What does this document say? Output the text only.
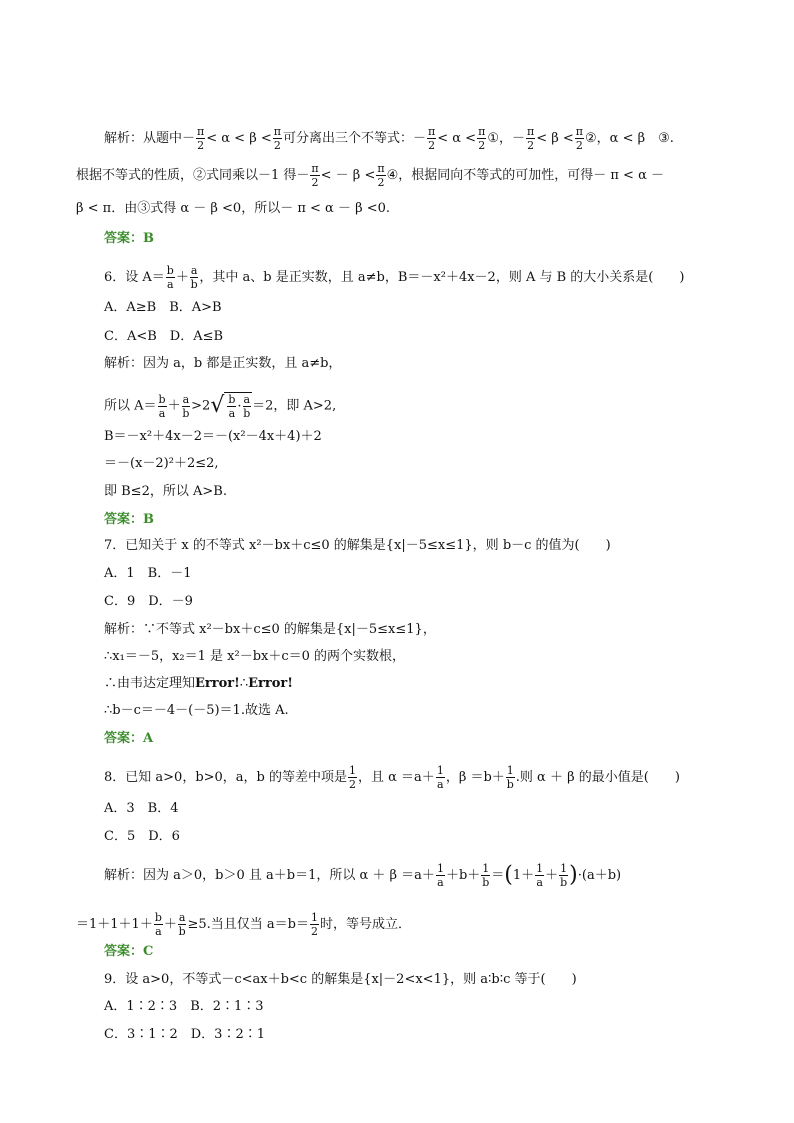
解析：从题中－ $\frac{\pi}{2} < \alpha < \beta < \frac{\pi}{2}$ 可分离出三个不等式：－ $\frac{\pi}{2} < \alpha < \frac{\pi}{2}$ ①，－ $\frac{\pi}{2} < \beta < \frac{\pi}{2}$ ②，α < β　③.
根据不等式的性质，②式同乘以－1 得－ $\frac{\pi}{2}$ < － $\beta < \frac{\pi}{2}$ ④，根据同向不等式的可加性，可得－ π < α －
β < π．由③式得 α － β <0，所以－ π < α － β <0.
答案：B
6．设 $A= \frac{b}{a} + \frac{a}{b}$ ，其中 a、b 是正实数，且 a≠b，B＝－x²＋4x－2，则 A 与 B 的大小关系是(　　)
A．A≥B　B．A>B
C．A<B　D．A≤B
解析：因为 a，b 都是正实数，且 a≠b，
所以 $A= \frac{b}{a} + \frac{a}{b} >2√ \frac{b}{a} \cdot \frac{a}{b} =2$，即 A>2,
B＝－x²＋4x－2＝－(x²－4x＋4)＋2
＝－(x－2)²＋2≤2,
即 B≤2，所以 A>B.
答案：B
7．已知关于 x 的不等式 x²－bx＋c≤0 的解集是{x|－5≤x≤1}，则 b－c 的值为(　　)
A．1　B．－1
C．9　D．－9
解析：∵不等式 x²－bx＋c≤0 的解集是{x|－5≤x≤1}，
∴x₁＝－5，x₂＝1 是 x²－bx＋c＝0 的两个实数根，
∴由韦达定理知Error!∴Error!
∴b－c＝－4－(－5)＝1.故选 A.
答案：A
8．已知 a>0，b>0，a，b 的等差中项是 $\frac{1}{2}$ ，且 $\alpha =a+ \frac{1}{a}$ ，$\beta =b+ \frac{1}{b}$ .则 α ＋ β 的最小值是(　　)
A．3　B．4
C．5　D．6
解析：因为 a＞0，b＞0 且 a＋b＝1，所以 $\alpha + \beta =a+ \frac{1}{a} +b+ \frac{1}{b} =(1+ \frac{1}{a} + \frac{1}{b} )\cdot(a+b)$
$=1+1+1+ \frac{b}{a} + \frac{a}{b} \ge 5$.当且仅当 $a=b= \frac{1}{2}$ 时，等号成立．
答案：C
9．设 a>0，不等式－c<ax＋b<c 的解集是{x|－2<x<1}，则 a∶b∶c 等于(　　)
A．1∶2∶3　B．2∶1∶3
C．3∶1∶2　D．3∶2∶1
